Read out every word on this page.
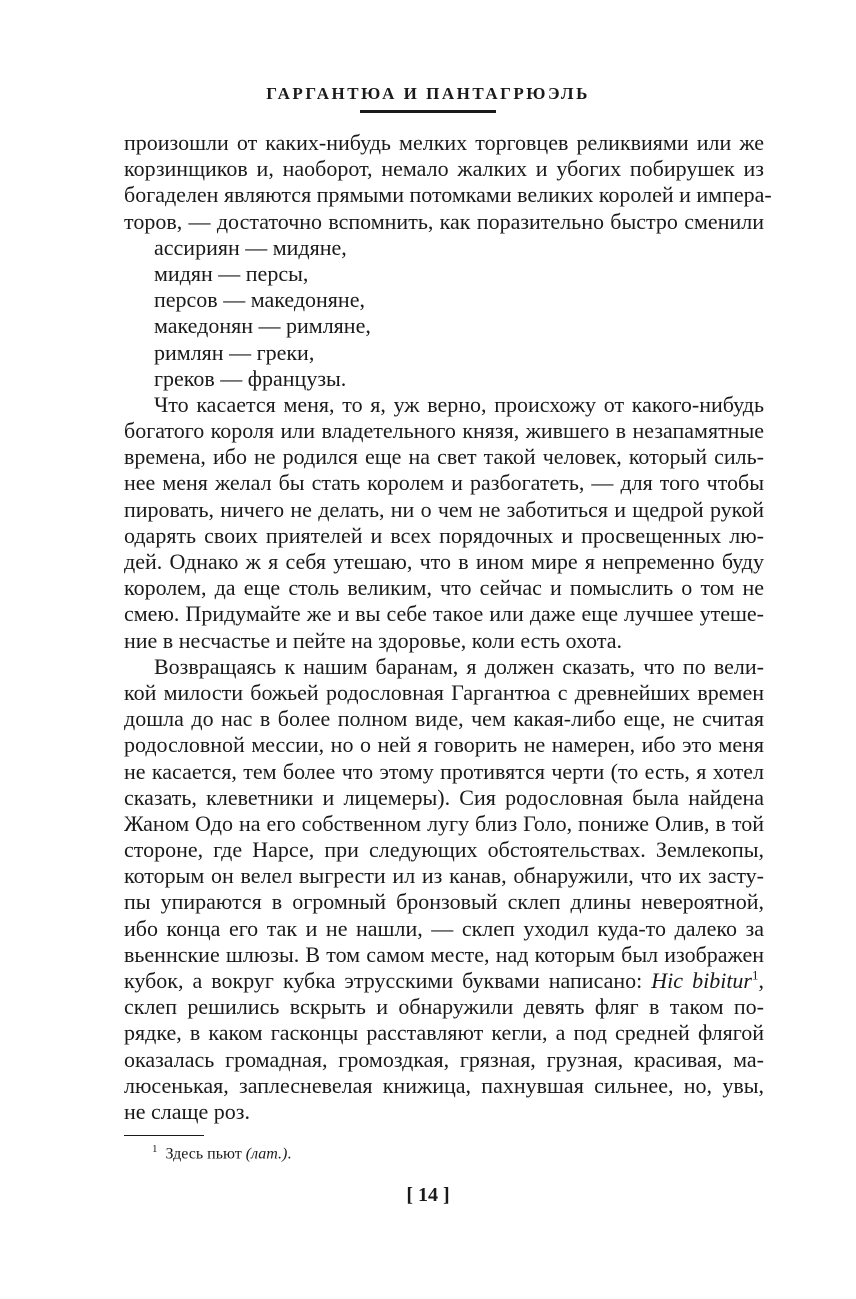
ГАРГАНТЮА И ПАНТАГРЮЭЛЬ
произошли от каких-нибудь мелких торговцев реликвиями или же
корзинщиков и, наоборот, немало жалких и убогих побирушек из
богаделен являются прямыми потомками великих королей и импера-
торов, — достаточно вспомнить, как поразительно быстро сменили
ассириян — мидяне,
мидян — персы,
персов — македоняне,
македонян — римляне,
римлян — греки,
греков — французы.
Что касается меня, то я, уж верно, происхожу от какого-нибудь
богатого короля или владетельного князя, жившего в незапамятные
времена, ибо не родился еще на свет такой человек, который силь-
нее меня желал бы стать королем и разбогатеть, — для того чтобы
пировать, ничего не делать, ни о чем не заботиться и щедрой рукой
одарять своих приятелей и всех порядочных и просвещенных лю-
дей. Однако ж я себя утешаю, что в ином мире я непременно буду
королем, да еще столь великим, что сейчас и помыслить о том не
смею. Придумайте же и вы себе такое или даже еще лучшее утеше-
ние в несчастье и пейте на здоровье, коли есть охота.
Возвращаясь к нашим баранам, я должен сказать, что по вели-
кой милости божьей родословная Гаргантюа с древнейших времен
дошла до нас в более полном виде, чем какая-либо еще, не считая
родословной мессии, но о ней я говорить не намерен, ибо это меня
не касается, тем более что этому противятся черти (то есть, я хотел
сказать, клеветники и лицемеры). Сия родословная была найдена
Жаном Одо на его собственном лугу близ Голо, пониже Олив, в той
стороне, где Нарсе, при следующих обстоятельствах. Землекопы,
которым он велел выгрести ил из канав, обнаружили, что их засту-
пы упираются в огромный бронзовый склеп длины невероятной,
ибо конца его так и не нашли, — склеп уходил куда-то далеко за
вьеннские шлюзы. В том самом месте, над которым был изображен
кубок, а вокруг кубка этрусскими буквами написано: Hic bibitur$^1$,
склеп решились вскрыть и обнаружили девять фляг в таком по-
рядке, в каком гасконцы расставляют кегли, а под средней флягой
оказалась громадная, громоздкая, грязная, грузная, красивая, ма-
люсенькая, заплесневелая книжица, пахнувшая сильнее, но, увы,
не слаще роз.
$^1$ Здесь пьют (лат.).
[ 14 ]
